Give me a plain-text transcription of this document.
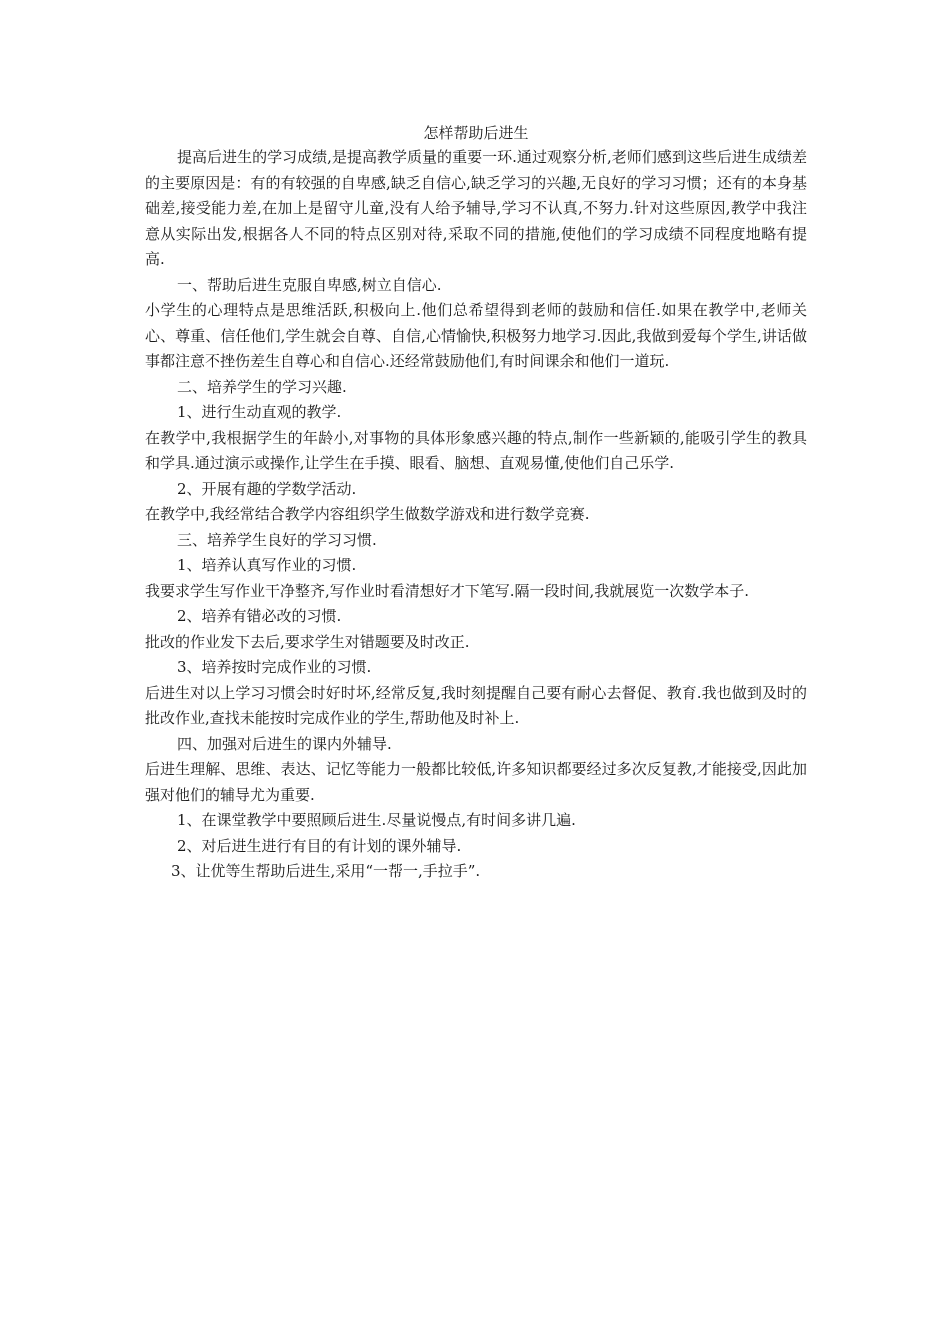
怎样帮助后进生

提高后进生的学习成绩,是提高教学质量的重要一环.通过观察分析,老师们感到这些后进生成绩差的主要原因是：有的有较强的自卑感,缺乏自信心,缺乏学习的兴趣,无良好的学习习惯；还有的本身基础差,接受能力差,在加上是留守儿童,没有人给予辅导,学习不认真,不努力.针对这些原因,教学中我注意从实际出发,根据各人不同的特点区别对待,采取不同的措施,使他们的学习成绩不同程度地略有提高.

一、帮助后进生克服自卑感,树立自信心.

小学生的心理特点是思维活跃,积极向上.他们总希望得到老师的鼓励和信任.如果在教学中,老师关心、尊重、信任他们,学生就会自尊、自信,心情愉快,积极努力地学习.因此,我做到爱每个学生,讲话做事都注意不挫伤差生自尊心和自信心.还经常鼓励他们,有时间课余和他们一道玩.

二、培养学生的学习兴趣.

1、进行生动直观的教学.

在教学中,我根据学生的年龄小,对事物的具体形象感兴趣的特点,制作一些新颖的,能吸引学生的教具和学具.通过演示或操作,让学生在手摸、眼看、脑想、直观易懂,使他们自己乐学.

2、开展有趣的学数学活动.

在教学中,我经常结合教学内容组织学生做数学游戏和进行数学竞赛.

三、培养学生良好的学习习惯.

1、培养认真写作业的习惯.

我要求学生写作业干净整齐,写作业时看清想好才下笔写.隔一段时间,我就展览一次数学本子.

2、培养有错必改的习惯.

批改的作业发下去后,要求学生对错题要及时改正.

3、培养按时完成作业的习惯.

后进生对以上学习习惯会时好时坏,经常反复,我时刻提醒自己要有耐心去督促、教育.我也做到及时的批改作业,查找未能按时完成作业的学生,帮助他及时补上.

四、加强对后进生的课内外辅导.

后进生理解、思维、表达、记忆等能力一般都比较低,许多知识都要经过多次反复教,才能接受,因此加强对他们的辅导尤为重要.

1、在课堂教学中要照顾后进生.尽量说慢点,有时间多讲几遍.

2、对后进生进行有目的有计划的课外辅导.

3、让优等生帮助后进生,采用“一帮一,手拉手”.
